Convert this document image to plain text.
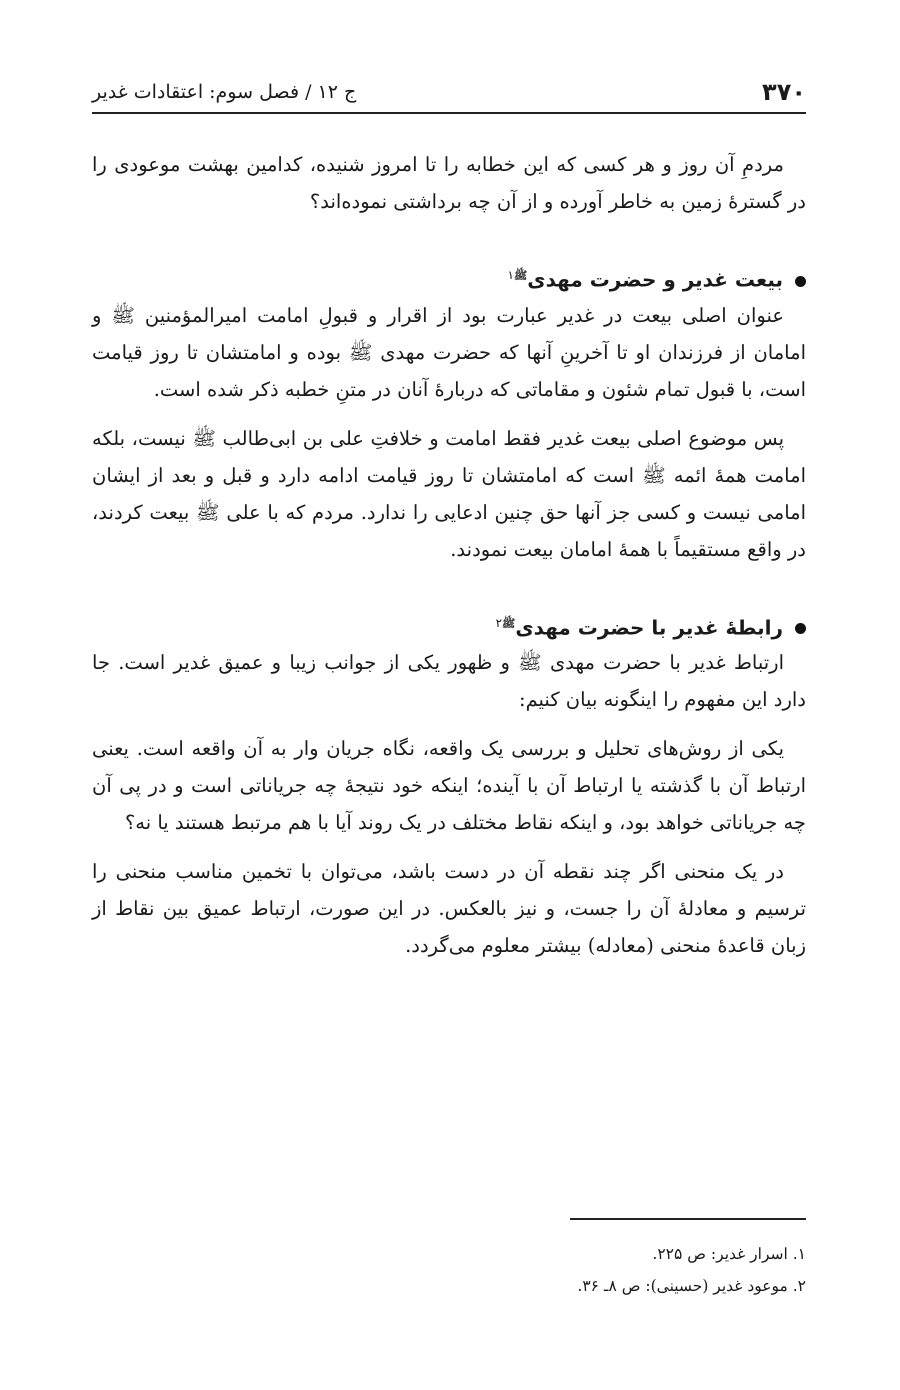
۳۷۰
ج ۱۲ / فصل سوم: اعتقادات غدیر

مردمِ آن روز و هر کسی که این خطابه را تا امروز شنیده، کدامین بهشت موعودی را در گسترۀ زمین به خاطر آورده و از آن چه برداشتی نموده‌اند؟

بیعت غدیر و حضرت مهدی$^{ﷺ۱}$

عنوان اصلی بیعت در غدیر عبارت بود از اقرار و قبولِ امامت امیرالمؤمنین ﷺ و امامان از فرزندان او تا آخرینِ آنها که حضرت مهدی ﷺ بوده و امامتشان تا روز قیامت است، با قبول تمام شئون و مقاماتی که دربارۀ آنان در متنِ خطبه ذکر شده است.

پس موضوع اصلی بیعت غدیر فقط امامت و خلافتِ علی بن ابی‌طالب ﷺ نیست، بلکه امامت همۀ ائمه ﷺ است که امامتشان تا روز قیامت ادامه دارد و قبل و بعد از ایشان امامی نیست و کسی جز آنها حق چنین ادعایی را ندارد. مردم که با علی ﷺ بیعت کردند، در واقع مستقیماً با همۀ امامان بیعت نمودند.

رابطۀ غدیر با حضرت مهدی$^{ﷺ۲}$

ارتباط غدیر با حضرت مهدی ﷺ و ظهور یکی از جوانب زیبا و عمیق غدیر است. جا دارد این مفهوم را اینگونه بیان کنیم:

یکی از روش‌های تحلیل و بررسی یک واقعه، نگاه جریان وار به آن واقعه است. یعنی ارتباط آن با گذشته یا ارتباط آن با آینده؛ اینکه خود نتیجۀ چه جریاناتی است و در پی آن چه جریاناتی خواهد بود، و اینکه نقاط مختلف در یک روند آیا با هم مرتبط هستند یا نه؟

در یک منحنی اگر چند نقطه آن در دست باشد، می‌توان با تخمین مناسب منحنی را ترسیم و معادلۀ آن را جست، و نیز بالعکس. در این صورت، ارتباط عمیق بین نقاط از زبان قاعدۀ منحنی (معادله) بیشتر معلوم می‌گردد.

۱. اسرار غدیر: ص ۲۲۵.
۲. موعود غدیر (حسینی): ص ۸ـ ۳۶.
